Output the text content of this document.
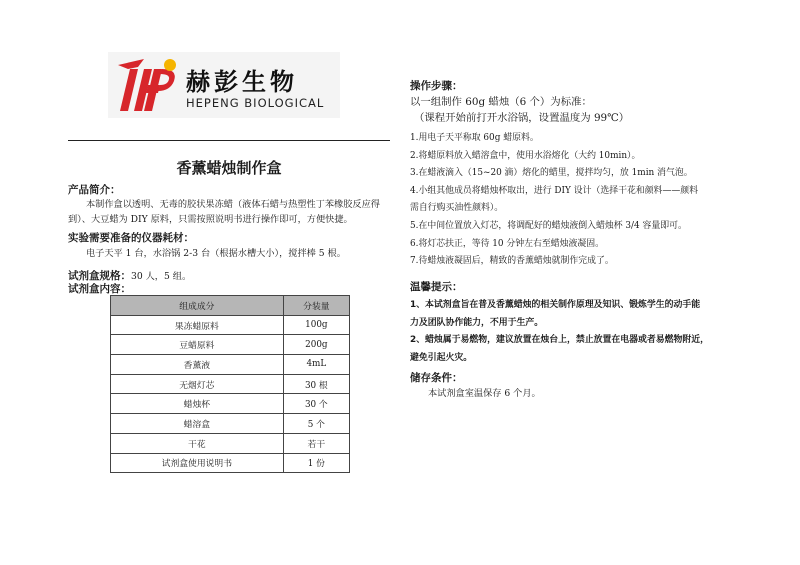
赫彭生物
HEPENG BIOLOGICAL
香薰蜡烛制作盒
产品简介：
本制作盒以透明、无毒的胶状果冻蜡（液体石蜡与热塑性丁苯橡胶反应得到）、大豆蜡为 DIY 原料，只需按照说明书进行操作即可，方便快捷。
实验需要准备的仪器耗材：
电子天平 1 台，水浴锅 2-3 台（根据水槽大小），搅拌棒 5 根。
试剂盒规格：30 人，5 组。
试剂盒内容：
组成成分	分装量
果冻蜡原料	100g
豆蜡原料	200g
香薰液	4mL
无烟灯芯	30 根
蜡烛杯	30 个
蜡溶盒	5 个
干花	若干
试剂盒使用说明书	1 份
操作步骤：
以一组制作 60g 蜡烛（6 个）为标准：
（课程开始前打开水浴锅，设置温度为 99℃）
1.用电子天平称取 60g 蜡原料。
2.将蜡原料放入蜡溶盒中，使用水浴熔化（大约 10min）。
3.在蜡液滴入（15~20 滴）熔化的蜡里，搅拌均匀，放 1min 消气泡。
4.小组其他成员将蜡烛杯取出，进行 DIY 设计（选择干花和颜料——颜料
需自行购买油性颜料）。
5.在中间位置放入灯芯，将调配好的蜡烛液倒入蜡烛杯 3/4 容量即可。
6.将灯芯扶正，等待 10 分钟左右至蜡烛液凝固。
7.待蜡烛液凝固后，精致的香薰蜡烛就制作完成了。
温馨提示：
1、本试剂盒旨在普及香薰蜡烛的相关制作原理及知识、锻炼学生的动手能
力及团队协作能力，不用于生产。
2、蜡烛属于易燃物，建议放置在烛台上，禁止放置在电器或者易燃物附近，
避免引起火灾。
储存条件：
本试剂盒室温保存 6 个月。
